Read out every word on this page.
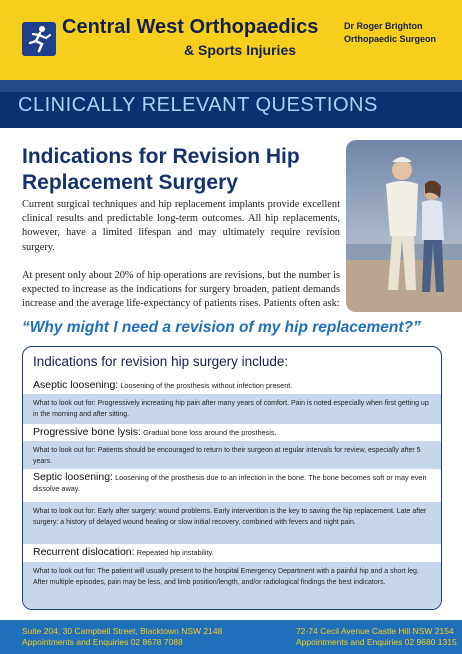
Central West Orthopaedics
& Sports Injuries
Dr Roger Brighton
Orthopaedic Surgeon
CLINICALLY RELEVANT QUESTIONS
Indications for Revision Hip
Replacement Surgery
Current surgical techniques and hip replacement implants provide excellent clinical results and predictable long-term outcomes. All hip replacements, however, have a limited lifespan and may ultimately require revision surgery.
At present only about 20% of hip operations are revisions, but the number is expected to increase as the indications for surgery broaden, patient demands increase and the average life-expectancy of patients rises. Patients often ask:
“Why might I need a revision of my hip replacement?”
Indications for revision hip surgery include:
Aseptic loosening: Loosening of the prosthesis without infection present.
What to look out for: Progressively increasing hip pain after many years of comfort. Pain is noted especially when first getting up in the morning and after sitting.
Progressive bone lysis: Gradual bone loss around the prosthesis.
What to look out for: Patients should be encouraged to return to their surgeon at regular intervals for review, especially after 5 years.
Septic loosening: Loosening of the prosthesis due to an infection in the bone. The bone becomes soft or may even dissolve away.
What to look out for: Early after surgery: wound problems. Early intervention is the key to saving the hip replacement. Late after surgery: a history of delayed wound healing or slow initial recovery, combined with fevers and night pain.
Recurrent dislocation: Repeated hip instability.
What to look out for: The patient will usually present to the hospital Emergency Department with a painful hip and a short leg. After multiple episodes, pain may be less, and limb position/length, and/or radiological findings the best indicators.
Suite 204, 30 Campbell Street, Blacktown NSW 2148
Appointments and Enquiries 02 8678 7088
72-74 Cecil Avenue Castle Hill NSW 2154
Appointments and Enquiries 02 9680 1315
